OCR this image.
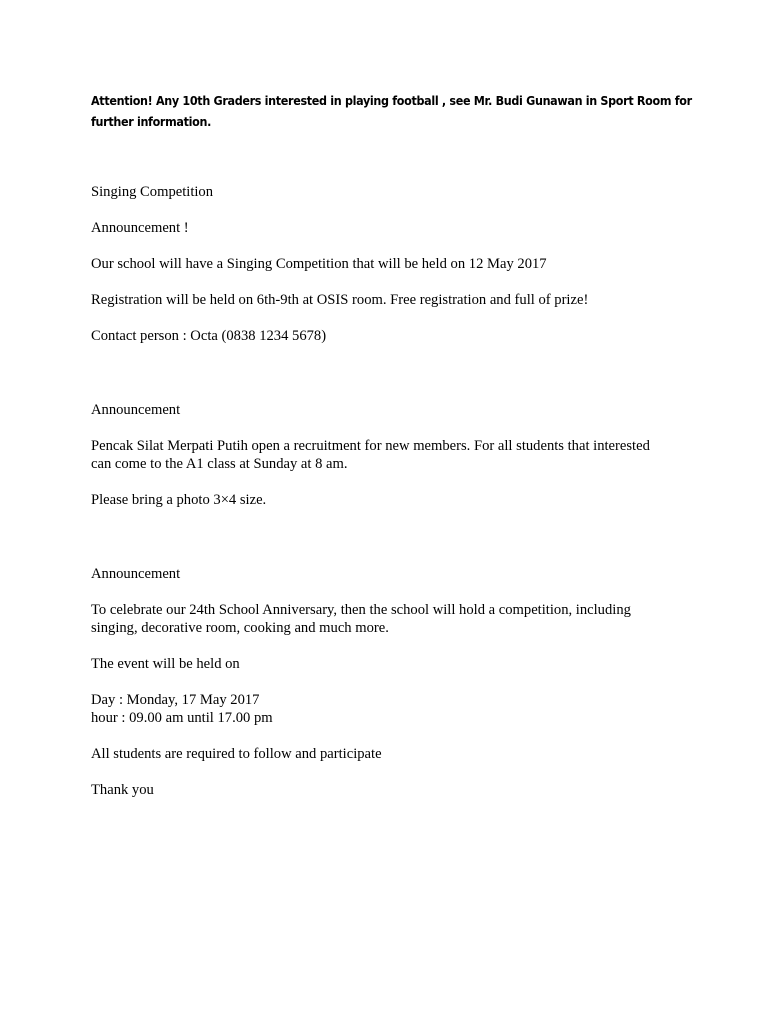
Attention! Any 10th Graders interested in playing football , see Mr. Budi Gunawan in Sport Room for

further information.

Singing Competition

Announcement !

Our school will have a Singing Competition that will be held on 12 May 2017

Registration will be held on 6th-9th at OSIS room. Free registration and full of prize!

Contact person : Octa (0838 1234 5678)

Announcement

Pencak Silat Merpati Putih open a recruitment for new members. For all students that interested

can come to the A1 class at Sunday at 8 am.

Please bring a photo 3×4 size.

Announcement

To celebrate our 24th School Anniversary, then the school will hold a competition, including

singing, decorative room, cooking and much more.

The event will be held on

Day : Monday, 17 May 2017

hour : 09.00 am until 17.00 pm

All students are required to follow and participate

Thank you
